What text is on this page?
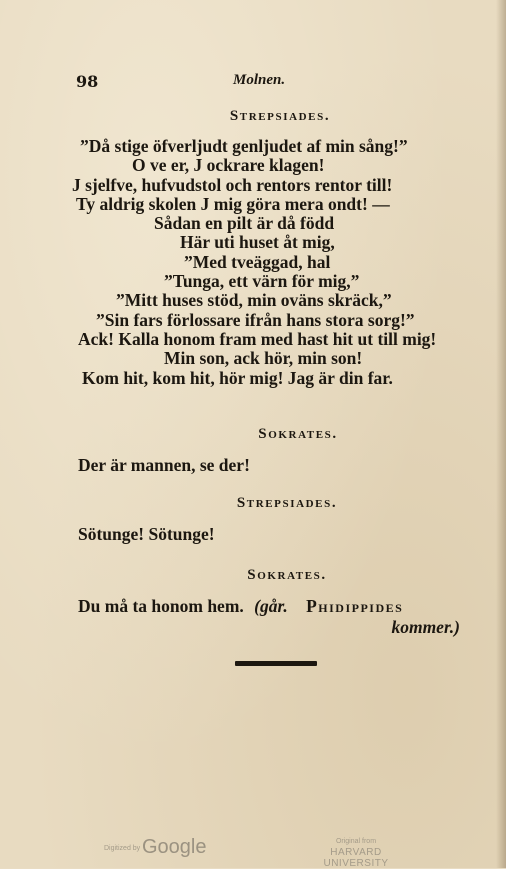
98	Molnen.
Strepsiades.
”Då stige öfverljudt genljudet af min sång!”
O ve er, J ockrare klagen!
J sjelfve, hufvudstol och rentors rentor till!
Ty aldrig skolen J mig göra mera ondt! —
Sådan en pilt är då född
Här uti huset åt mig,
”Med tveäggad, hal
”Tunga, ett värn för mig,”
”Mitt huses stöd, min oväns skräck,”
”Sin fars förlossare ifrån hans stora sorg!”
Ack! Kalla honom fram med hast hit ut till mig!
Min son, ack hör, min son!
Kom hit, kom hit, hör mig! Jag är din far.
Sokrates.
Der är mannen, se der!
Strepsiades.
Sötunge! Sötunge!
Sokrates.
Du må ta honom hem. (går. Phidippides
kommer.)
Digitized by Google	Original from
HARVARD UNIVERSITY
